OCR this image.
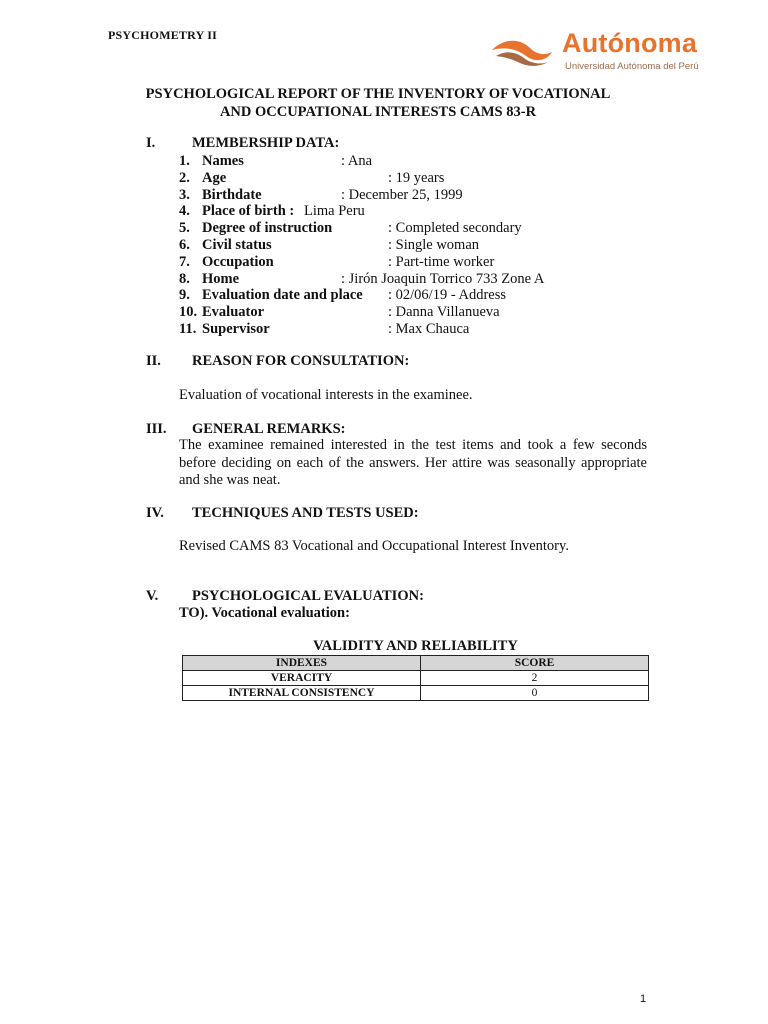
PSYCHOMETRY II	Autónoma
Universidad Autónoma del Perú
PSYCHOLOGICAL REPORT OF THE INVENTORY OF VOCATIONAL
AND OCCUPATIONAL INTERESTS CAMS 83-R
I.	MEMBERSHIP DATA:
1. Names	: Ana
2. Age	: 19 years
3. Birthdate	: December 25, 1999
4. Place of birth : Lima Peru
5. Degree of instruction	: Completed secondary
6. Civil status	: Single woman
7. Occupation	: Part-time worker
8. Home	: Jirón Joaquin Torrico 733 Zone A
9. Evaluation date and place : 02/06/19 - Address
10. Evaluator	: Danna Villanueva
11. Supervisor	: Max Chauca
II. REASON FOR CONSULTATION:
Evaluation of vocational interests in the examinee.
III. GENERAL REMARKS:
The examinee remained interested in the test items and took a few seconds before deciding on each of the answers. Her attire was seasonally appropriate and she was neat.
IV. TECHNIQUES AND TESTS USED:
Revised CAMS 83 Vocational and Occupational Interest Inventory.
V. PSYCHOLOGICAL EVALUATION:
TO). Vocational evaluation:
VALIDITY AND RELIABILITY
INDEXES	SCORE
VERACITY	2
INTERNAL CONSISTENCY	0
1
